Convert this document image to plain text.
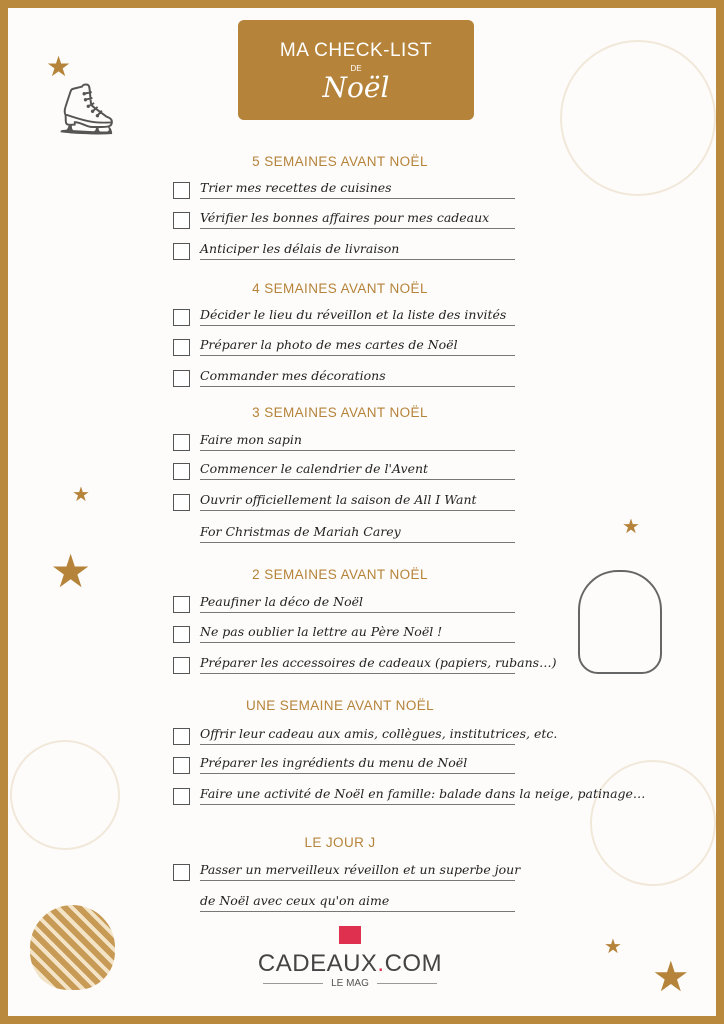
MA CHECK-LIST
DE
Noël
★
⛸
★
★
★
★
★
5 SEMAINES AVANT NOËL
Trier mes recettes de cuisines
Vérifier les bonnes affaires pour mes cadeaux
Anticiper les délais de livraison
4 SEMAINES AVANT NOËL
Décider le lieu du réveillon et la liste des invités
Préparer la photo de mes cartes de Noël
Commander mes décorations
3 SEMAINES AVANT NOËL
Faire mon sapin
Commencer le calendrier de l'Avent
Ouvrir officiellement la saison de All I Want
For Christmas de Mariah Carey
2 SEMAINES AVANT NOËL
Peaufiner la déco de Noël
Ne pas oublier la lettre au Père Noël !
Préparer les accessoires de cadeaux (papiers, rubans…)
UNE SEMAINE AVANT NOËL
Offrir leur cadeau aux amis, collègues, institutrices, etc.
Préparer les ingrédients du menu de Noël
Faire une activité de Noël en famille: balade dans la neige, patinage…
LE JOUR J
Passer un merveilleux réveillon et un superbe jour
de Noël avec ceux qu'on aime
CADEAUX.COM
LE MAG
